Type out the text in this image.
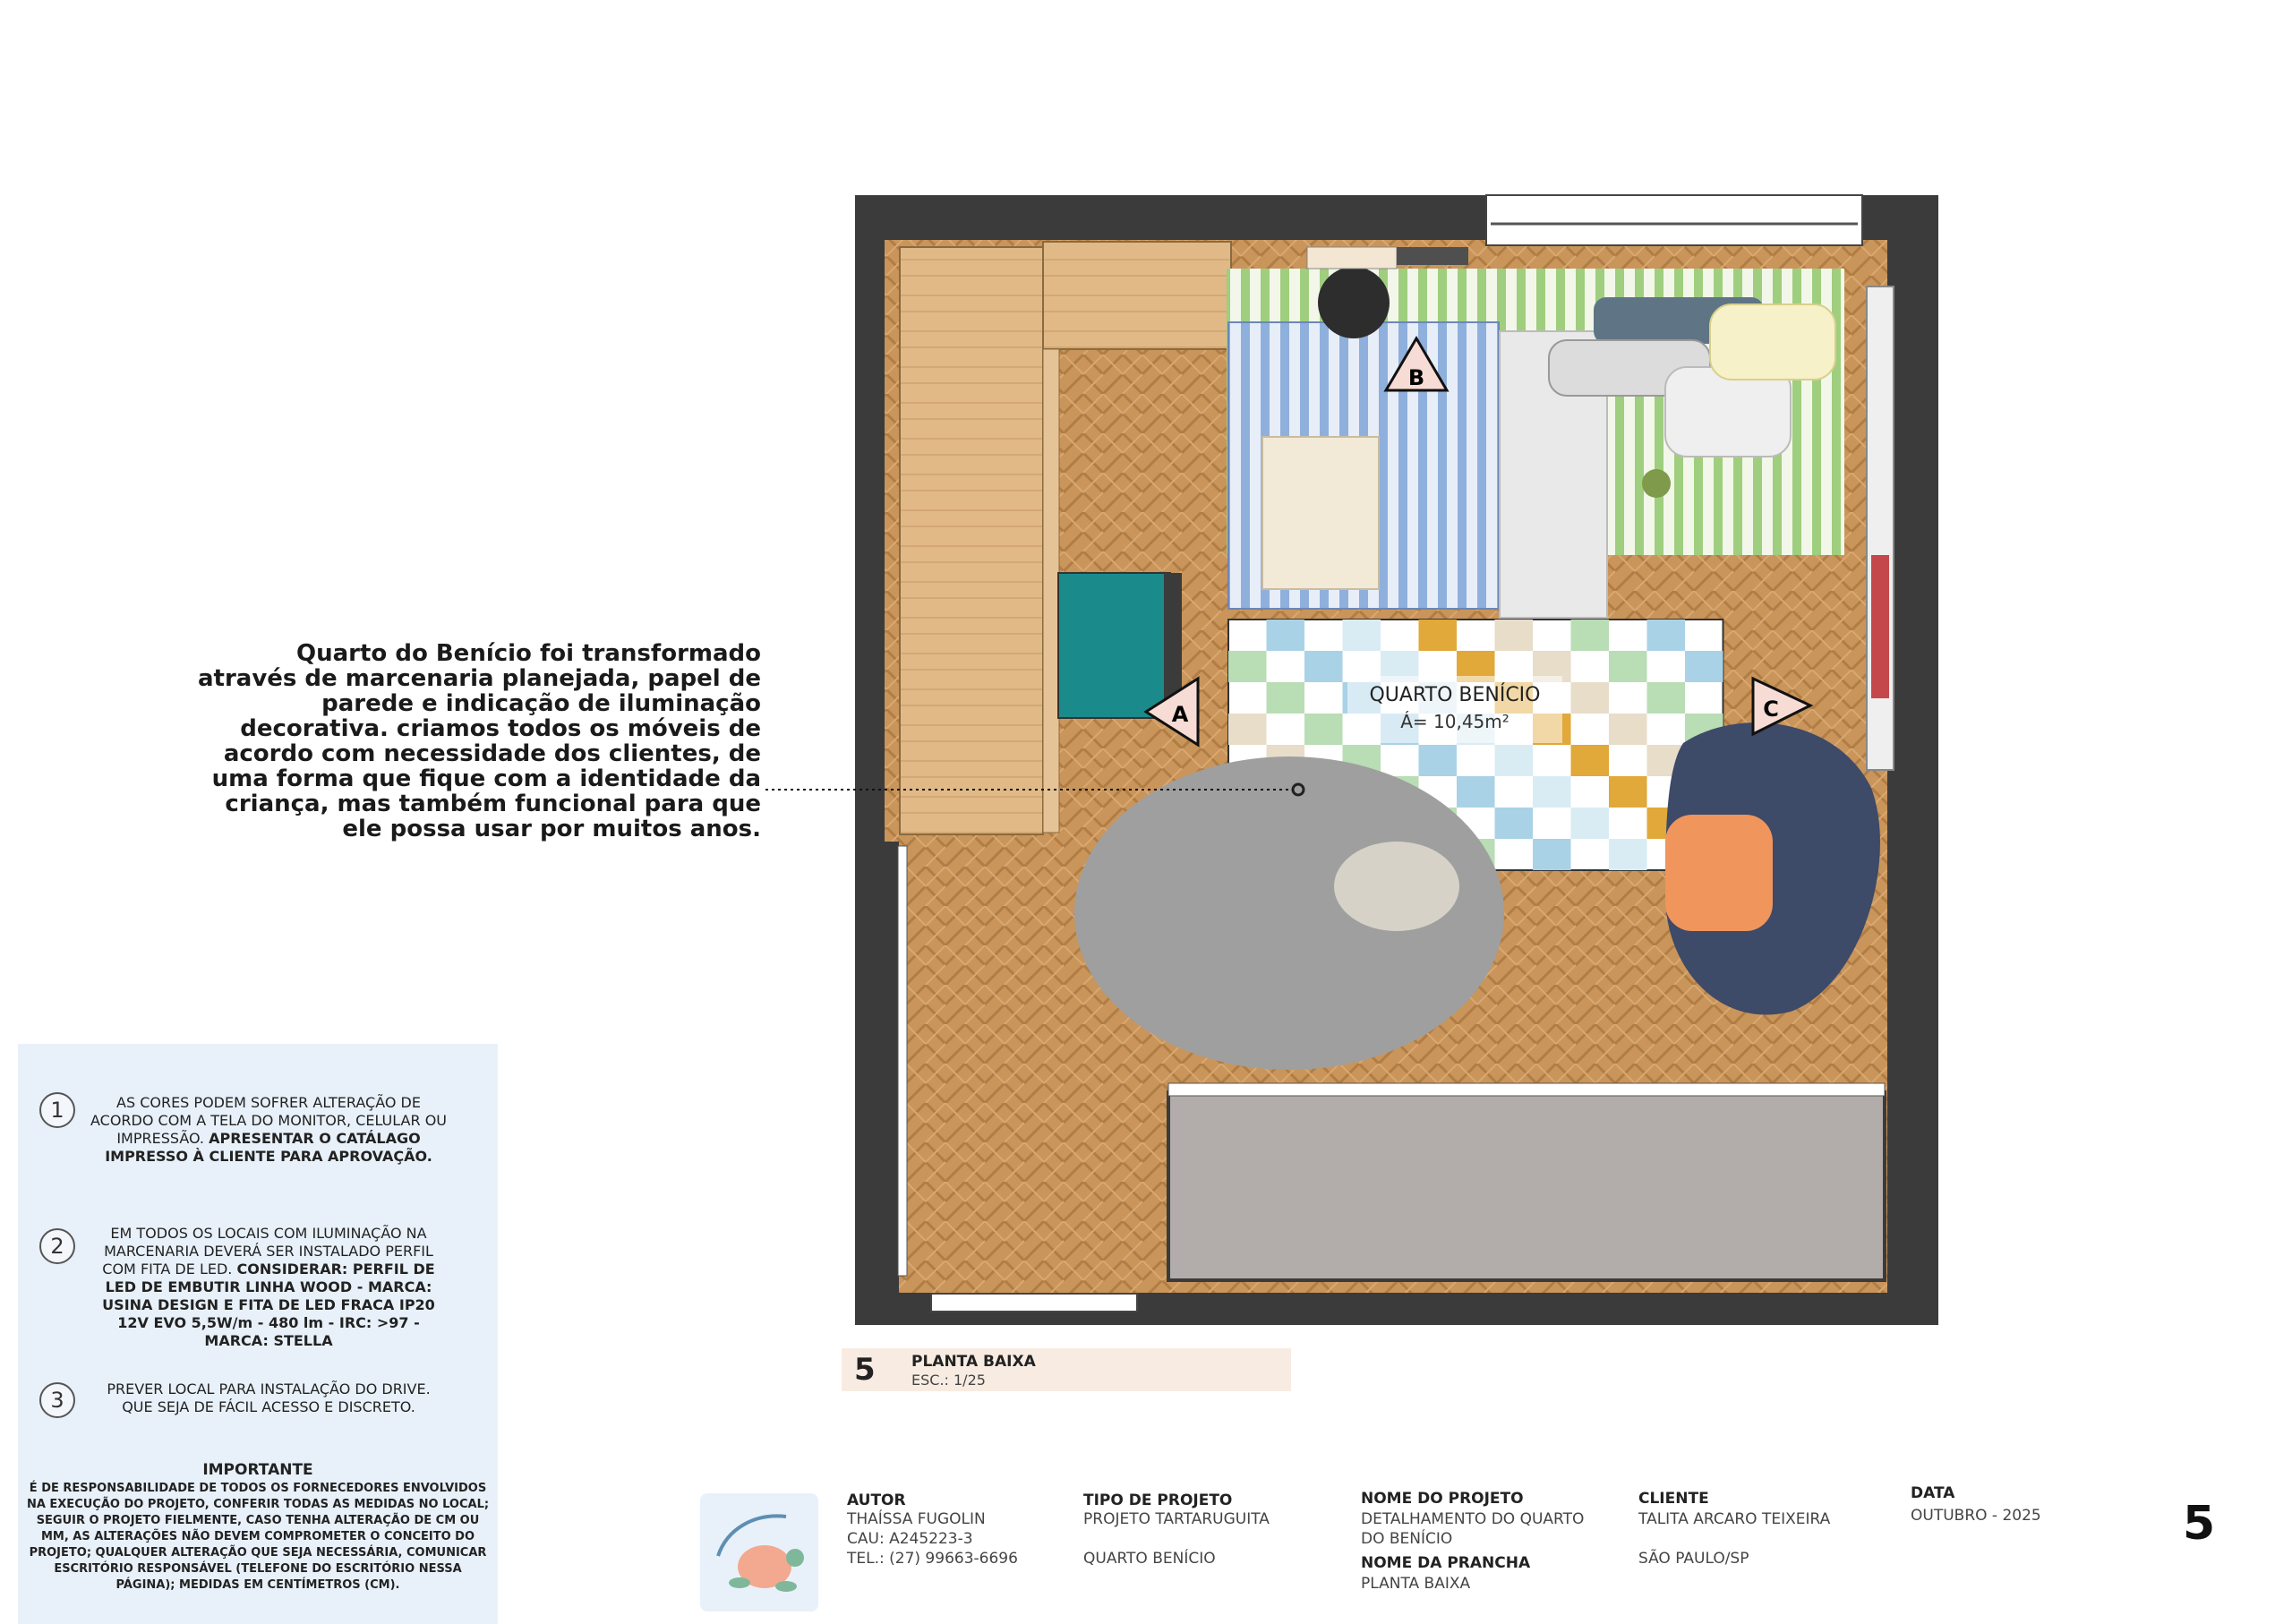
A
B
C
QUARTO BENÍCIO
Á= 10,45m²
Quarto do Benício foi transformado
através de marcenaria planejada, papel de
parede e indicação de iluminação
decorativa. criamos todos os móveis de
acordo com necessidade dos clientes, de
uma forma que fique com a identidade da
criança, mas também funcional para que
ele possa usar por muitos anos.
1	AS CORES PODEM SOFRER ALTERAÇÃO DE ACORDO COM A TELA DO MONITOR, CELULAR OU IMPRESSÃO. APRESENTAR O CATÁLAGO IMPRESSO À CLIENTE PARA APROVAÇÃO.
2
EM TODOS OS LOCAIS COM ILUMINAÇÃO NA MARCENARIA DEVERÁ SER INSTALADO PERFIL COM FITA DE LED. CONSIDERAR: PERFIL DE LED DE EMBUTIR LINHA WOOD - MARCA: USINA DESIGN E FITA DE LED FRACA IP20 12V EVO 5,5W/m - 480 lm - IRC: >97 - MARCA: STELLA
3	PREVER LOCAL PARA INSTALAÇÃO DO DRIVE. QUE SEJA DE FÁCIL ACESSO E DISCRETO.
IMPORTANTE
É DE RESPONSABILIDADE DE TODOS OS FORNECEDORES ENVOLVIDOS NA EXECUÇÃO DO PROJETO, CONFERIR TODAS AS MEDIDAS NO LOCAL; SEGUIR O PROJETO FIELMENTE, CASO TENHA ALTERAÇÃO DE CM OU MM, AS ALTERAÇÕES NÃO DEVEM COMPROMETER O CONCEITO DO PROJETO; QUALQUER ALTERAÇÃO QUE SEJA NECESSÁRIA, COMUNICAR ESCRITÓRIO RESPONSÁVEL (TELEFONE DO ESCRITÓRIO NESSA PÁGINA); MEDIDAS EM CENTÍMETROS (CM).
5 PLANTA BAIXA
ESC.: 1/25
AUTOR
THAÍSSA FUGOLIN
CAU: A245223-3
TEL.: (27) 99663-6696
TIPO DE PROJETO
PROJETO TARTARUGUITA
QUARTO BENÍCIO
NOME DO PROJETO
DETALHAMENTO DO QUARTO DO BENÍCIO
NOME DA PRANCHA
PLANTA BAIXA
CLIENTE
TALITA ARCARO TEIXEIRA
SÃO PAULO/SP
DATA
OUTUBRO - 2025	5
